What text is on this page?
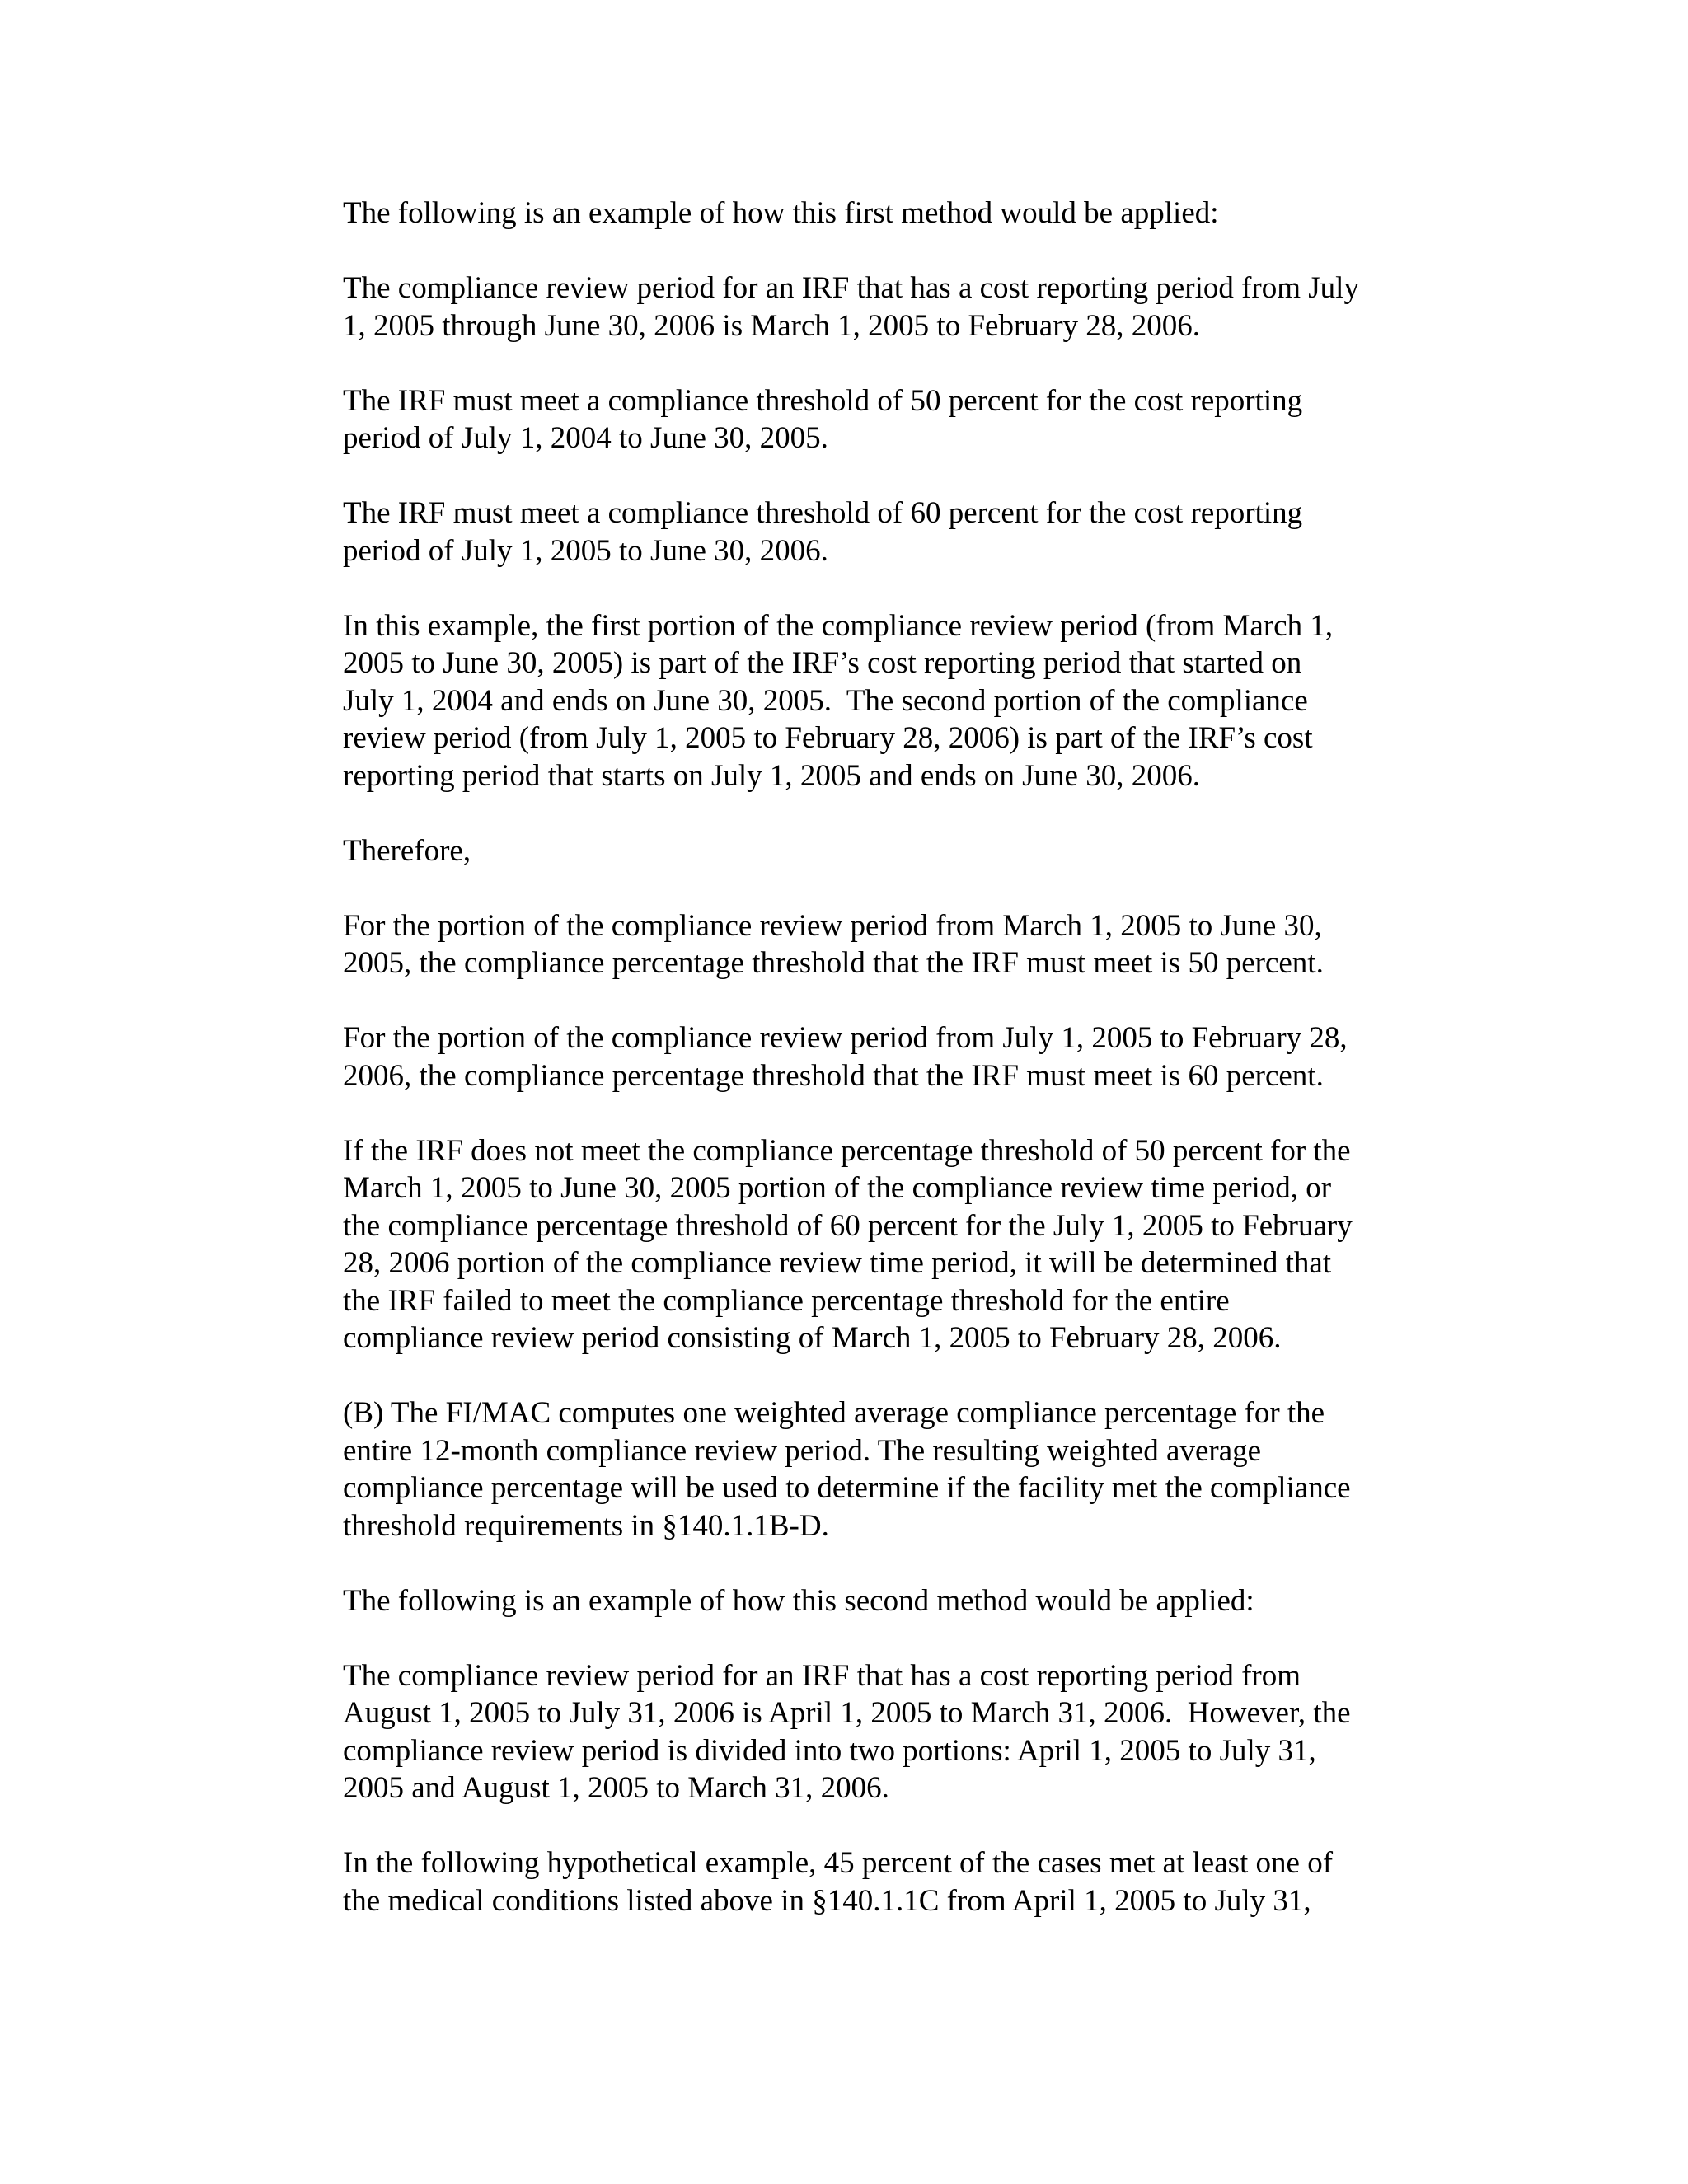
The following is an example of how this first method would be applied:

The compliance review period for an IRF that has a cost reporting period from July
1, 2005 through June 30, 2006 is March 1, 2005 to February 28, 2006.

The IRF must meet a compliance threshold of 50 percent for the cost reporting
period of July 1, 2004 to June 30, 2005.

The IRF must meet a compliance threshold of 60 percent for the cost reporting
period of July 1, 2005 to June 30, 2006.

In this example, the first portion of the compliance review period (from March 1,
2005 to June 30, 2005) is part of the IRF’s cost reporting period that started on
July 1, 2004 and ends on June 30, 2005.  The second portion of the compliance
review period (from July 1, 2005 to February 28, 2006) is part of the IRF’s cost
reporting period that starts on July 1, 2005 and ends on June 30, 2006.

Therefore,

For the portion of the compliance review period from March 1, 2005 to June 30,
2005, the compliance percentage threshold that the IRF must meet is 50 percent.

For the portion of the compliance review period from July 1, 2005 to February 28,
2006, the compliance percentage threshold that the IRF must meet is 60 percent.

If the IRF does not meet the compliance percentage threshold of 50 percent for the
March 1, 2005 to June 30, 2005 portion of the compliance review time period, or
the compliance percentage threshold of 60 percent for the July 1, 2005 to February
28, 2006 portion of the compliance review time period, it will be determined that
the IRF failed to meet the compliance percentage threshold for the entire
compliance review period consisting of March 1, 2005 to February 28, 2006.

(B) The FI/MAC computes one weighted average compliance percentage for the
entire 12-month compliance review period. The resulting weighted average
compliance percentage will be used to determine if the facility met the compliance
threshold requirements in §140.1.1B-D.

The following is an example of how this second method would be applied:

The compliance review period for an IRF that has a cost reporting period from
August 1, 2005 to July 31, 2006 is April 1, 2005 to March 31, 2006.  However, the
compliance review period is divided into two portions: April 1, 2005 to July 31,
2005 and August 1, 2005 to March 31, 2006.

In the following hypothetical example, 45 percent of the cases met at least one of
the medical conditions listed above in §140.1.1C from April 1, 2005 to July 31,
